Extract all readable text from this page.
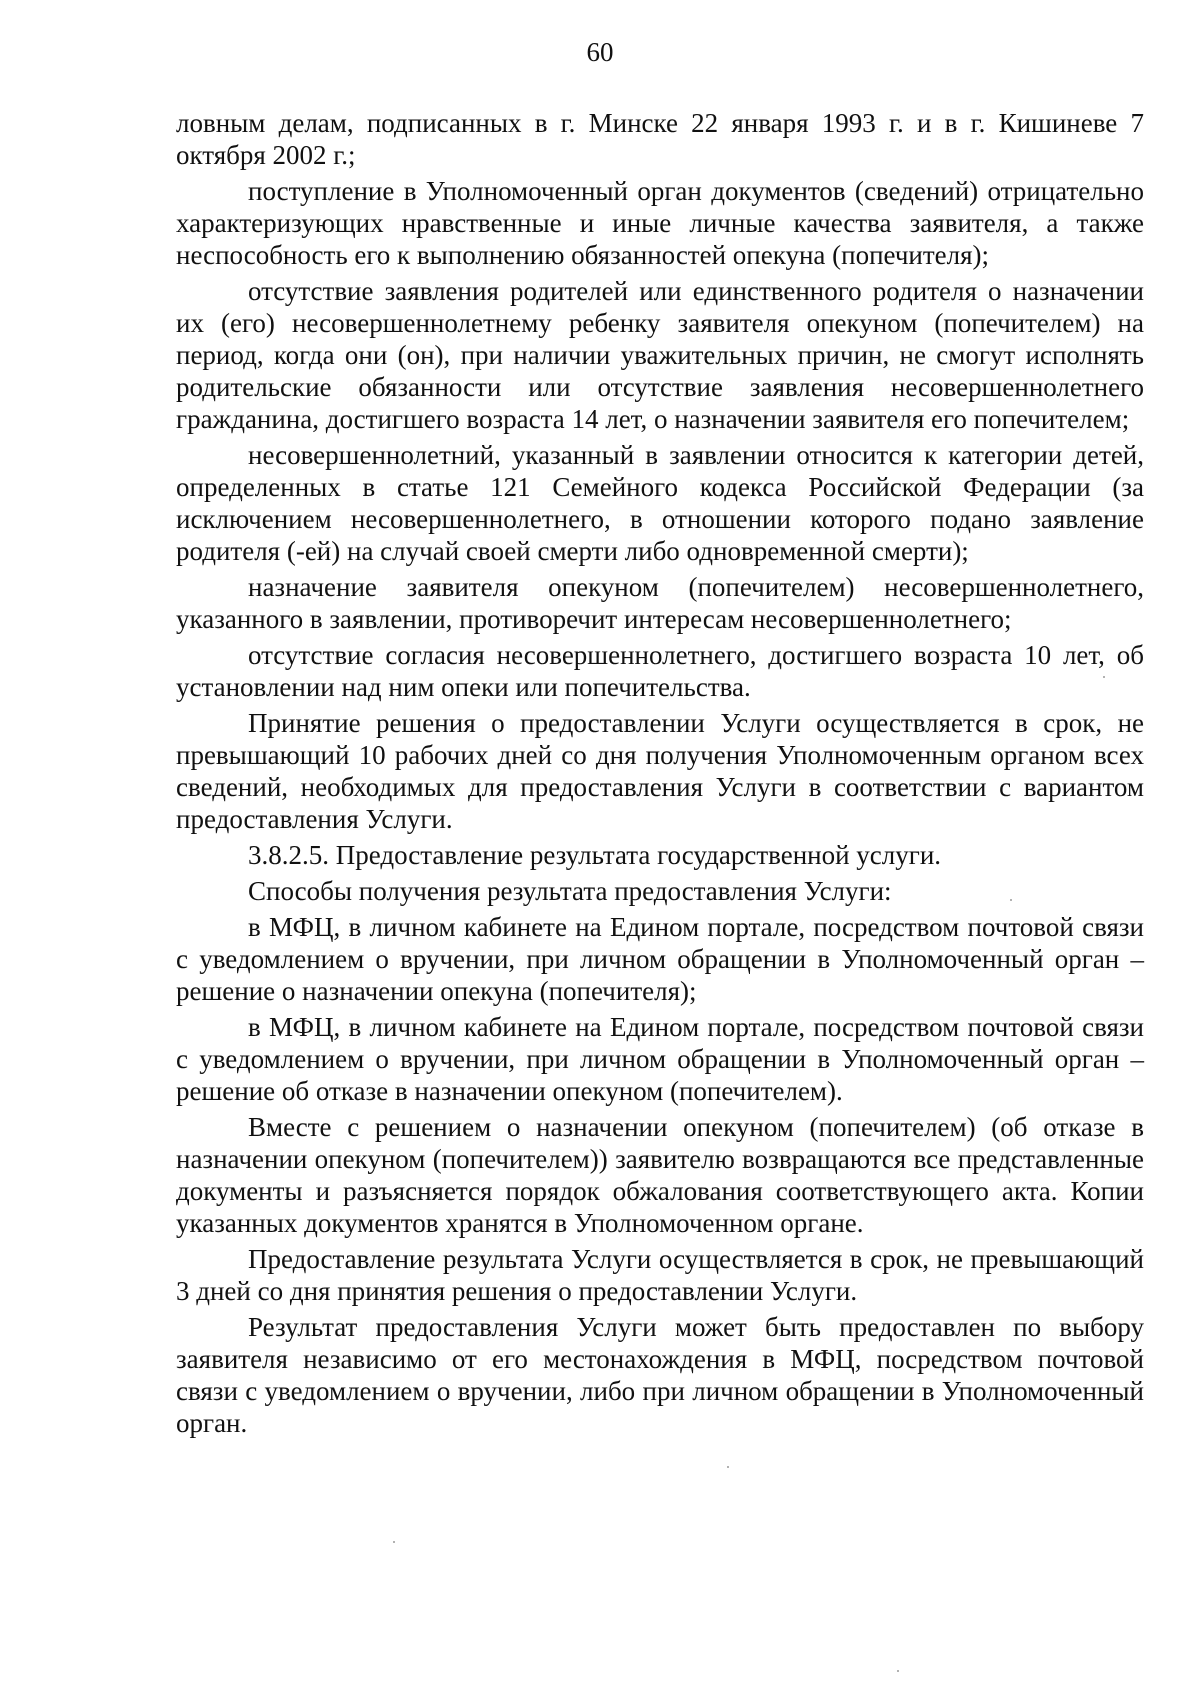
60

ловным делам, подписанных в г. Минске 22 января 1993 г. и в г. Кишиневе 7 октября 2002 г.;

поступление в Уполномоченный орган документов (сведений) отрицательно характеризующих нравственные и иные личные качества заявителя, а также неспособность его к выполнению обязанностей опекуна (попечителя);

отсутствие заявления родителей или единственного родителя о назначении их (его) несовершеннолетнему ребенку заявителя опекуном (попечителем) на период, когда они (он), при наличии уважительных причин, не смогут исполнять родительские обязанности или отсутствие заявления несовершеннолетнего гражданина, достигшего возраста 14 лет, о назначении заявителя его попечителем;

несовершеннолетний, указанный в заявлении относится к категории детей, определенных в статье 121 Семейного кодекса Российской Федерации (за исключением несовершеннолетнего, в отношении которого подано заявление родителя (-ей) на случай своей смерти либо одновременной смерти);

назначение заявителя опекуном (попечителем) несовершеннолетнего, указанного в заявлении, противоречит интересам несовершеннолетнего;

отсутствие согласия несовершеннолетнего, достигшего возраста 10 лет, об установлении над ним опеки или попечительства.

Принятие решения о предоставлении Услуги осуществляется в срок, не превышающий 10 рабочих дней со дня получения Уполномоченным органом всех сведений, необходимых для предоставления Услуги в соответствии с вариантом предоставления Услуги.

3.8.2.5. Предоставление результата государственной услуги.

Способы получения результата предоставления Услуги:

в МФЦ, в личном кабинете на Едином портале, посредством почтовой связи с уведомлением о вручении, при личном обращении в Уполномоченный орган – решение о назначении опекуна (попечителя);

в МФЦ, в личном кабинете на Едином портале, посредством почтовой связи с уведомлением о вручении, при личном обращении в Уполномоченный орган – решение об отказе в назначении опекуном (попечителем).

Вместе с решением о назначении опекуном (попечителем) (об отказе в назначении опекуном (попечителем)) заявителю возвращаются все представленные документы и разъясняется порядок обжалования соответствующего акта. Копии указанных документов хранятся в Уполномоченном органе.

Предоставление результата Услуги осуществляется в срок, не превышающий 3 дней со дня принятия решения о предоставлении Услуги.

Результат предоставления Услуги может быть предоставлен по выбору заявителя независимо от его местонахождения в МФЦ, посредством почтовой связи с уведомлением о вручении, либо при личном обращении в Уполномоченный орган.
